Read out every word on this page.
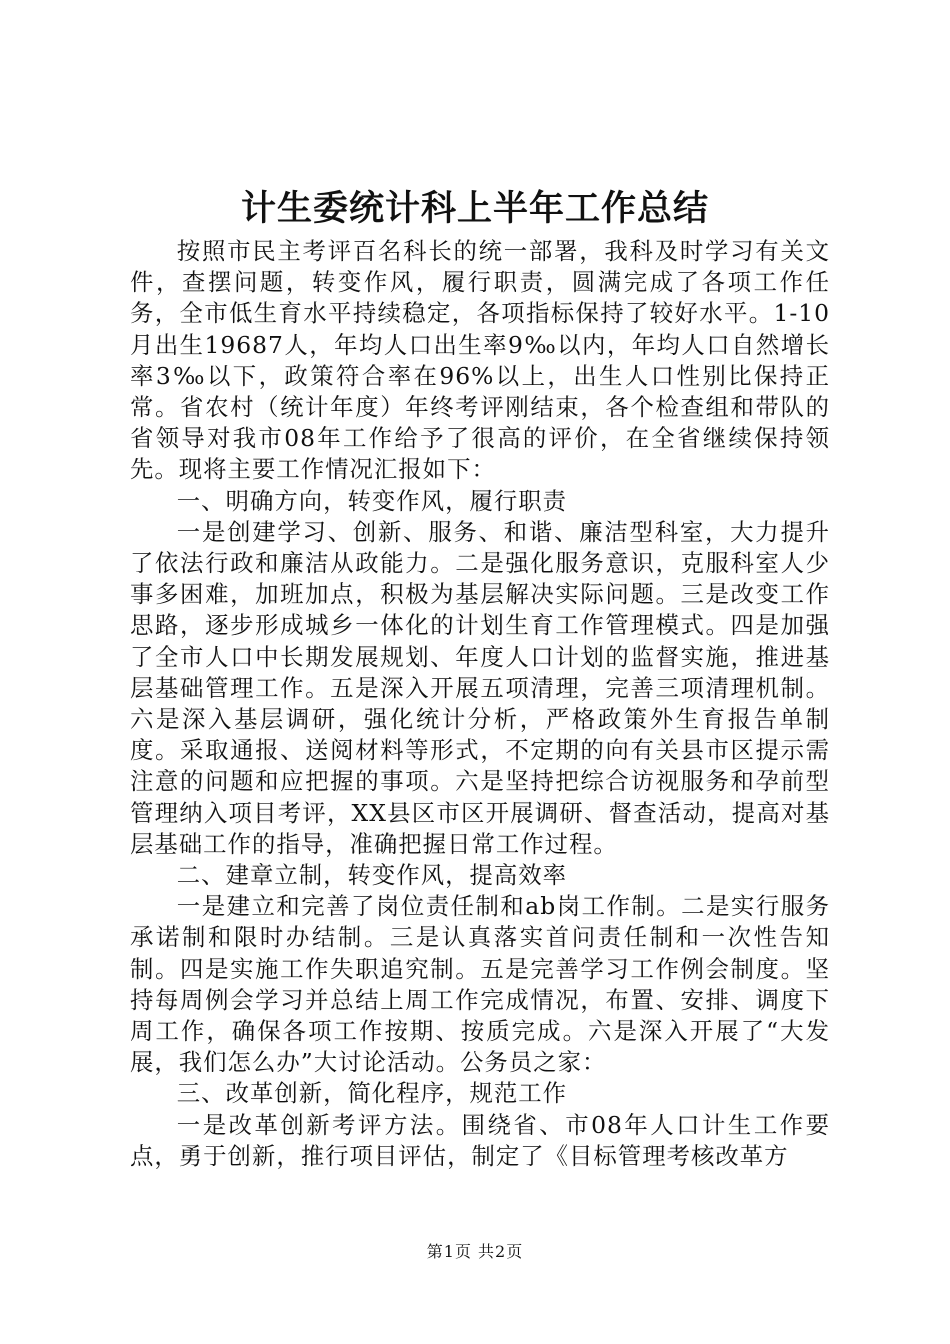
计生委统计科上半年工作总结

按照市民主考评百名科长的统一部署，我科及时学习有关文件，查摆问题，转变作风，履行职责，圆满完成了各项工作任务，全市低生育水平持续稳定，各项指标保持了较好水平。1-10月出生19687人，年均人口出生率9‰以内，年均人口自然增长率3‰以下，政策符合率在96%以上，出生人口性别比保持正常。省农村（统计年度）年终考评刚结束，各个检查组和带队的省领导对我市08年工作给予了很高的评价，在全省继续保持领先。现将主要工作情况汇报如下：

一、明确方向，转变作风，履行职责

一是创建学习、创新、服务、和谐、廉洁型科室，大力提升了依法行政和廉洁从政能力。二是强化服务意识，克服科室人少事多困难，加班加点，积极为基层解决实际问题。三是改变工作思路，逐步形成城乡一体化的计划生育工作管理模式。四是加强了全市人口中长期发展规划、年度人口计划的监督实施，推进基层基础管理工作。五是深入开展五项清理，完善三项清理机制。六是深入基层调研，强化统计分析，严格政策外生育报告单制度。采取通报、送阅材料等形式，不定期的向有关县市区提示需注意的问题和应把握的事项。六是坚持把综合访视服务和孕前型管理纳入项目考评，XX县区市区开展调研、督查活动，提高对基层基础工作的指导，准确把握日常工作过程。

二、建章立制，转变作风，提高效率

一是建立和完善了岗位责任制和ab岗工作制。二是实行服务承诺制和限时办结制。三是认真落实首问责任制和一次性告知制。四是实施工作失职追究制。五是完善学习工作例会制度。坚持每周例会学习并总结上周工作完成情况，布置、安排、调度下周工作，确保各项工作按期、按质完成。六是深入开展了“大发展，我们怎么办”大讨论活动。公务员之家：

三、改革创新，简化程序，规范工作

一是改革创新考评方法。围绕省、市08年人口计生工作要点，勇于创新，推行项目评估，制定了《目标管理考核改革方

第1页 共2页
